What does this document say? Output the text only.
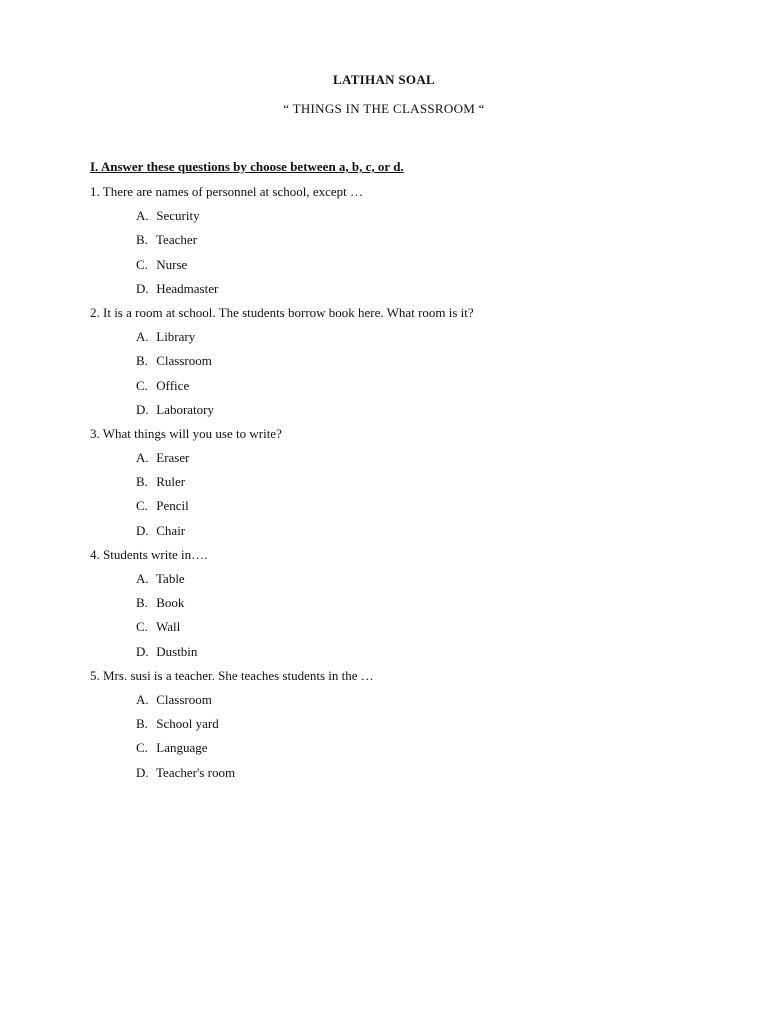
LATIHAN SOAL
“ THINGS IN THE CLASSROOM “
I. Answer these questions by choose between a, b, c, or d.
1. There are names of personnel at school, except …
A. Security
B. Teacher
C. Nurse
D. Headmaster
2. It is a room at school. The students borrow book here. What room is it?
A. Library
B. Classroom
C. Office
D. Laboratory
3. What things will you use to write?
A. Eraser
B. Ruler
C. Pencil
D. Chair
4. Students write in….
A. Table
B. Book
C. Wall
D. Dustbin
5. Mrs. susi is a teacher. She teaches students in the …
A. Classroom
B. School yard
C. Language
D. Teacher's room
